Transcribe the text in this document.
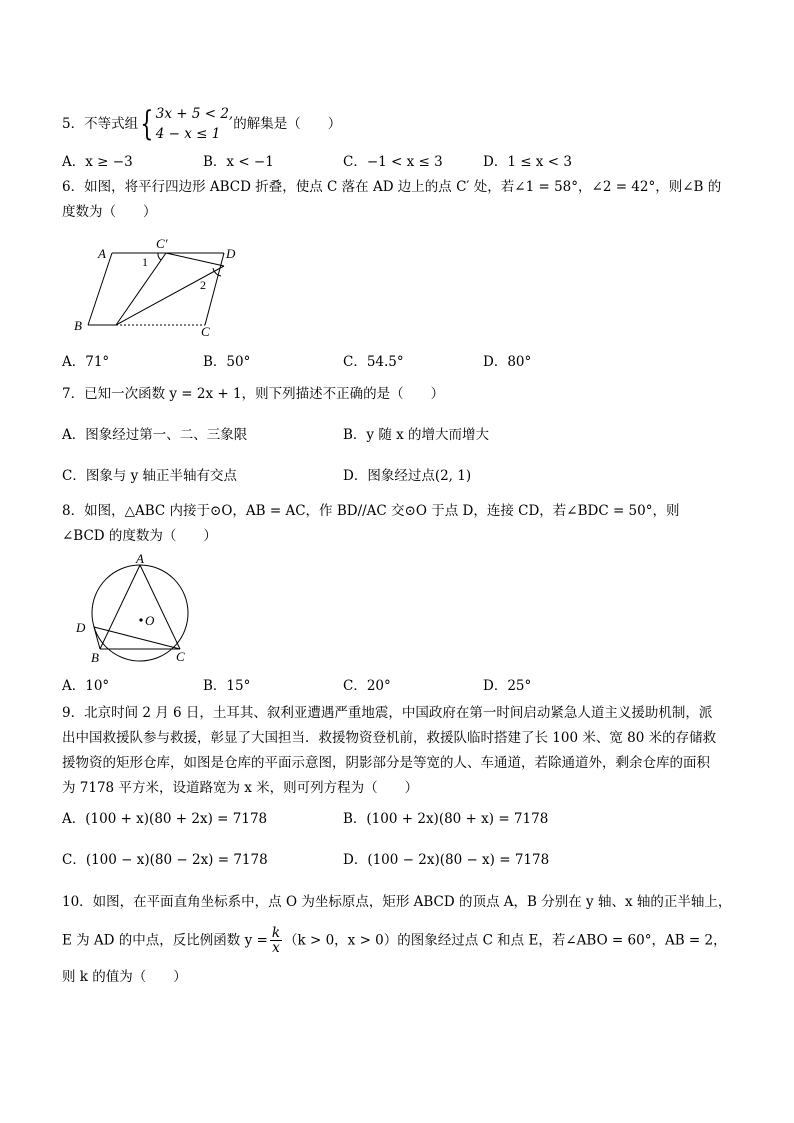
5．不等式组{ 3x + 5 < 2,
4 − x ≤ 1
的解集是（　　）
A．x ≥ −3	B．x < −1	C．−1 < x ≤ 3	D．1 ≤ x < 3
6．如图，将平行四边形 ABCD 折叠，使点 C 落在 AD 边上的点 C′ 处，若∠1 = 58°，∠2 = 42°，则∠B 的
度数为（　　）
A
C′
D
1
2
B	C
A．71°	B．50°	C．54.5°	D．80°
7．已知一次函数 y = 2x + 1，则下列描述不正确的是（　　）
A．图象经过第一、二、三象限	B．y 随 x 的增大而增大
C．图象与 y 轴正半轴有交点	D．图象经过点(2, 1)
8．如图，△ABC 内接于⊙O，AB = AC，作 BD//AC 交⊙O 于点 D，连接 CD，若∠BDC = 50°，则
∠BCD 的度数为（　　）
A
O
D
B	C
A．10°	B．15°	C．20°	D．25°
9．北京时间 2 月 6 日，土耳其、叙利亚遭遇严重地震，中国政府在第一时间启动紧急人道主义援助机制，派
出中国救援队参与救援，彰显了大国担当．救援物资登机前，救援队临时搭建了长 100 米、宽 80 米的存储救
援物资的矩形仓库，如图是仓库的平面示意图，阴影部分是等宽的人、车通道，若除通道外，剩余仓库的面积
为 7178 平方米，设道路宽为 x 米，则可列方程为（　　）
A．(100 + x)(80 + 2x) = 7178	B．(100 + 2x)(80 + x) = 7178
C．(100 − x)(80 − 2x) = 7178	D．(100 − 2x)(80 − x) = 7178
10．如图，在平面直角坐标系中，点 O 为坐标原点，矩形 ABCD 的顶点 A，B 分别在 y 轴、x 轴的正半轴上，
E 为 AD 的中点，反比例函数 $y = \frac{k}{x} (k > 0$，x > 0）的图象经过点 C 和点 E，若∠ABO = 60°，AB = 2，
则 k 的值为（　　）
